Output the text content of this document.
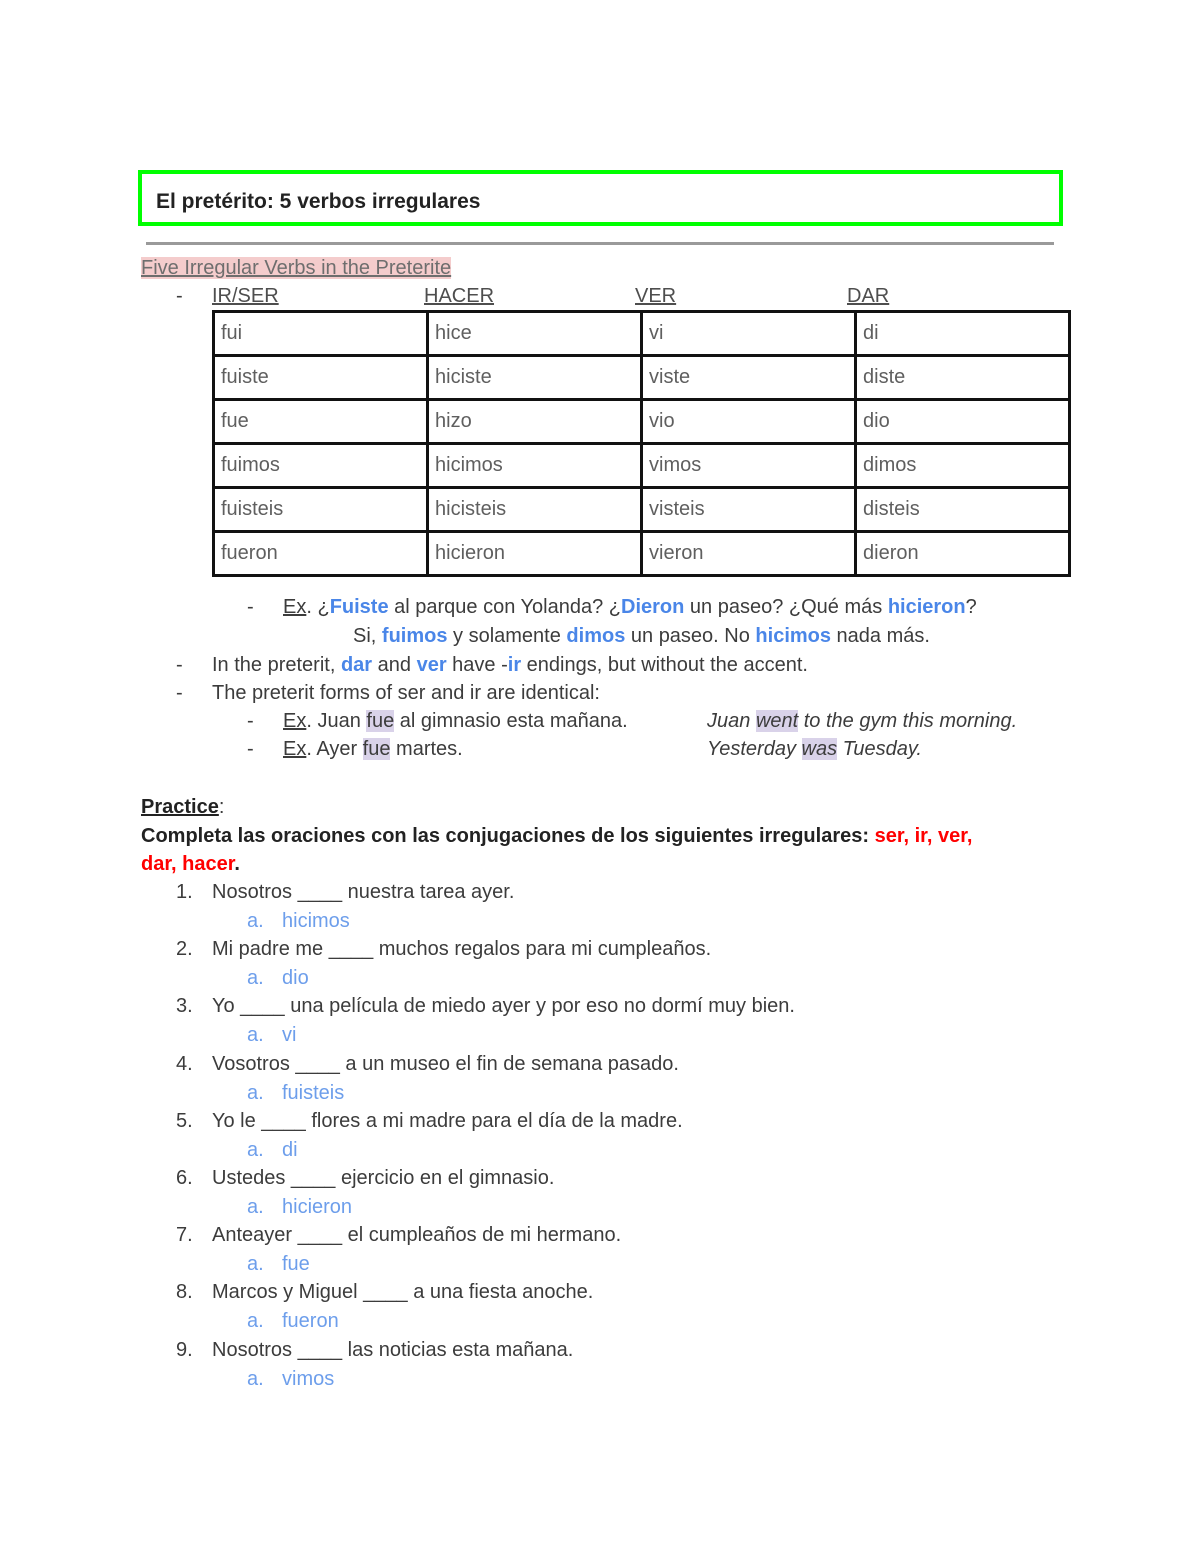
El pretérito: 5 verbos irregulares
Five Irregular Verbs in the Preterite
- IR/SER	HACER	VER	DAR
fui	hice	vi	di
fuiste	hiciste	viste	diste
fue	hizo	vio	dio
fuimos	hicimos	vimos	dimos
fuisteis	hicisteis	visteis	disteis
fueron	hicieron	vieron	dieron
- Ex. ¿Fuiste al parque con Yolanda? ¿Dieron un paseo? ¿Qué más hicieron?
Si, fuimos y solamente dimos un paseo. No hicimos nada más.
- In the preterit, dar and ver have -ir endings, but without the accent.
- The preterit forms of ser and ir are identical:
- Ex. Juan fue al gimnasio esta mañana.	Juan went to the gym this morning.
- Ex. Ayer fue martes.	Yesterday was Tuesday.
Practice:
Completa las oraciones con las conjugaciones de los siguientes irregulares: ser, ir, ver,
dar, hacer.
1. Nosotros ____ nuestra tarea ayer.
a. hicimos
2. Mi padre me ____ muchos regalos para mi cumpleaños.
a. dio
3. Yo ____ una película de miedo ayer y por eso no dormí muy bien.
a. vi
4. Vosotros ____ a un museo el fin de semana pasado.
a. fuisteis
5. Yo le ____ flores a mi madre para el día de la madre.
a. di
6. Ustedes ____ ejercicio en el gimnasio.
a. hicieron
7. Anteayer ____ el cumpleaños de mi hermano.
a. fue
8. Marcos y Miguel ____ a una fiesta anoche.
a. fueron
9. Nosotros ____ las noticias esta mañana.
a. vimos
